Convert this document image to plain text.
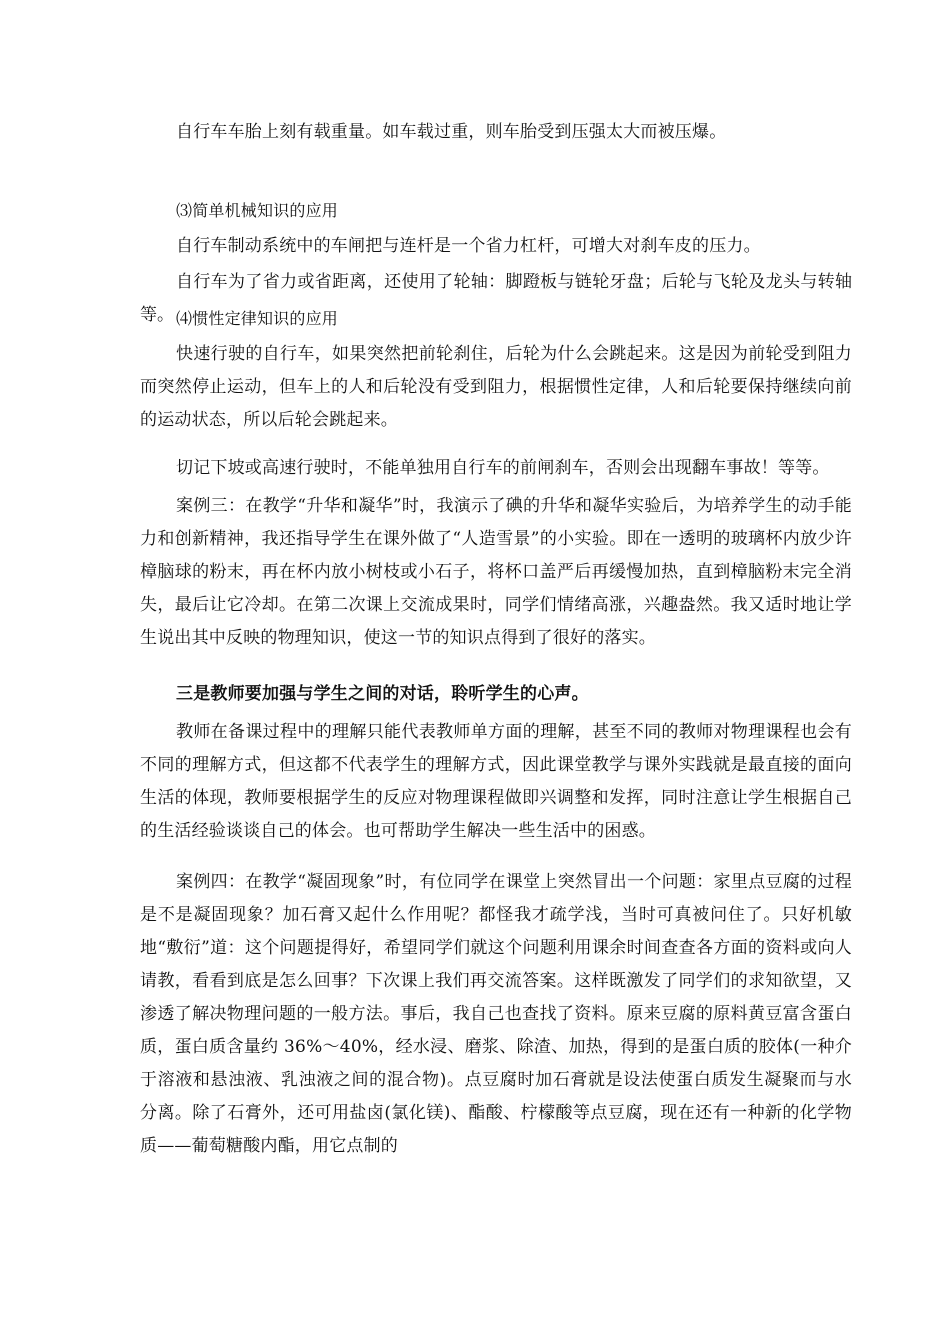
自行车车胎上刻有载重量。如车载过重，则车胎受到压强太大而被压爆。

⑶简单机械知识的应用

自行车制动系统中的车闸把与连杆是一个省力杠杆，可增大对刹车皮的压力。

自行车为了省力或省距离，还使用了轮轴：脚蹬板与链轮牙盘；后轮与飞轮及龙头与转轴等。 ⑷惯性定律知识的应用

快速行驶的自行车，如果突然把前轮刹住，后轮为什么会跳起来。这是因为前轮受到阻力而突然停止运动，但车上的人和后轮没有受到阻力，根据惯性定律，人和后轮要保持继续向前的运动状态，所以后轮会跳起来。

切记下坡或高速行驶时，不能单独用自行车的前闸刹车，否则会出现翻车事故！等等。

案例三：在教学“升华和凝华”时，我演示了碘的升华和凝华实验后，为培养学生的动手能力和创新精神，我还指导学生在课外做了“人造雪景”的小实验。即在一透明的玻璃杯内放少许樟脑球的粉末，再在杯内放小树枝或小石子，将杯口盖严后再缓慢加热，直到樟脑粉末完全消失，最后让它冷却。在第二次课上交流成果时，同学们情绪高涨，兴趣盎然。我又适时地让学生说出其中反映的物理知识，使这一节的知识点得到了很好的落实。

三是教师要加强与学生之间的对话，聆听学生的心声。

教师在备课过程中的理解只能代表教师单方面的理解，甚至不同的教师对物理课程也会有不同的理解方式，但这都不代表学生的理解方式，因此课堂教学与课外实践就是最直接的面向生活的体现，教师要根据学生的反应对物理课程做即兴调整和发挥，同时注意让学生根据自己的生活经验谈谈自己的体会。也可帮助学生解决一些生活中的困惑。

案例四：在教学“凝固现象”时，有位同学在课堂上突然冒出一个问题：家里点豆腐的过程是不是凝固现象？加石膏又起什么作用呢？都怪我才疏学浅，当时可真被问住了。只好机敏地“敷衍”道：这个问题提得好，希望同学们就这个问题利用课余时间查查各方面的资料或向人请教，看看到底是怎么回事？下次课上我们再交流答案。这样既激发了同学们的求知欲望，又渗透了解决物理问题的一般方法。事后，我自己也查找了资料。原来豆腐的原料黄豆富含蛋白质，蛋白质含量约 36%～40%，经水浸、磨浆、除渣、加热，得到的是蛋白质的胶体(一种介于溶液和悬浊液、乳浊液之间的混合物)。点豆腐时加石膏就是设法使蛋白质发生凝聚而与水分离。除了石膏外，还可用盐卤(氯化镁)、酯酸、柠檬酸等点豆腐，现在还有一种新的化学物质——葡萄糖酸内酯，用它点制的
